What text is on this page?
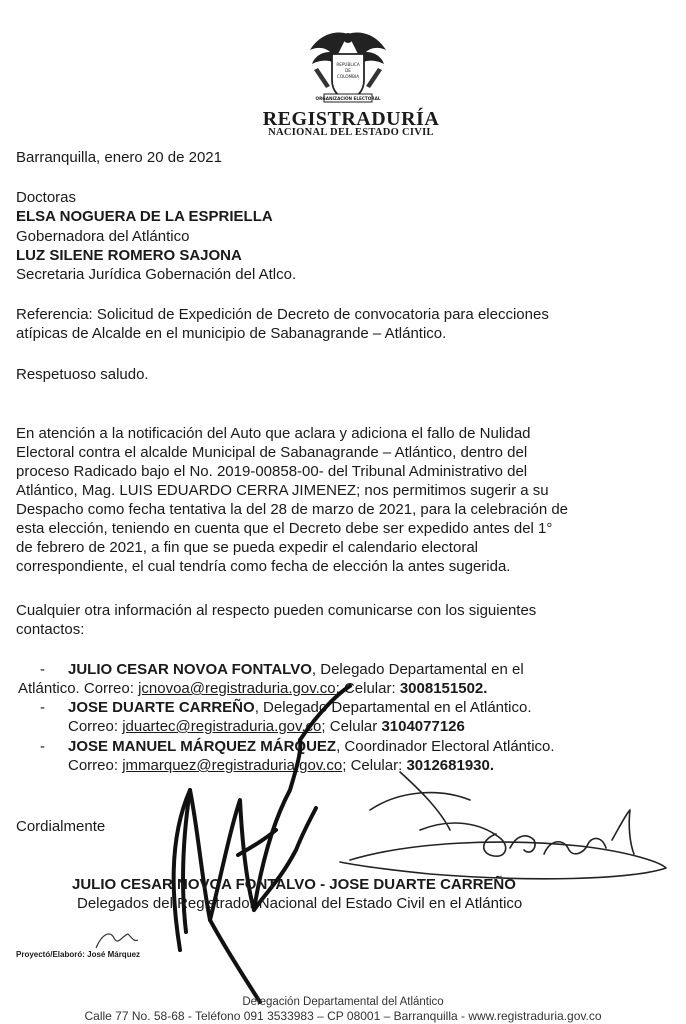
REPÚBLICA
DE
COLOMBIA
ORGANIZACIÓN ELECTORAL
REGISTRADURÍA
NACIONAL DEL ESTADO CIVIL
Barranquilla, enero 20 de 2021
Doctoras
ELSA NOGUERA DE LA ESPRIELLA
Gobernadora del Atlántico
LUZ SILENE ROMERO SAJONA
Secretaria Jurídica Gobernación del Atlco.
Referencia: Solicitud de Expedición de Decreto de convocatoria para elecciones
atípicas de Alcalde en el municipio de Sabanagrande – Atlántico.
Respetuoso saludo.
En atención a la notificación del Auto que aclara y adiciona el fallo de Nulidad
Electoral contra el alcalde Municipal de Sabanagrande – Atlántico, dentro del
proceso Radicado bajo el No. 2019-00858-00- del Tribunal Administrativo del
Atlántico, Mag. LUIS EDUARDO CERRA JIMENEZ; nos permitimos sugerir a su
Despacho como fecha tentativa la del 28 de marzo de 2021, para la celebración de
esta elección, teniendo en cuenta que el Decreto debe ser expedido antes del 1°
de febrero de 2021, a fin que se pueda expedir el calendario electoral
correspondiente, el cual tendría como fecha de elección la antes sugerida.
Cualquier otra información al respecto pueden comunicarse con los siguientes
contactos:
- JULIO CESAR NOVOA FONTALVO, Delegado Departamental en el
Atlántico. Correo: jcnovoa@registraduria.gov.co; Celular: 3008151502.
- JOSE DUARTE CARREÑO, Delegado Departamental en el Atlántico.
Correo: jduartec@registraduria.gov.co; Celular 3104077126
- JOSE MANUEL MÁRQUEZ MÁRQUEZ, Coordinador Electoral Atlántico.
Correo: jmmarquez@registraduria.gov.co; Celular: 3012681930.
Cordialmente
JULIO CESAR NOVOA FONTALVO - JOSE DUARTE CARREÑO
Delegados del Registrador Nacional del Estado Civil en el Atlántico
Proyectó/Elaboró: José Márquez
Delegación Departamental del Atlántico
Calle 77 No. 58-68 - Teléfono 091 3533983 – CP 08001 – Barranquilla - www.registraduria.gov.co
